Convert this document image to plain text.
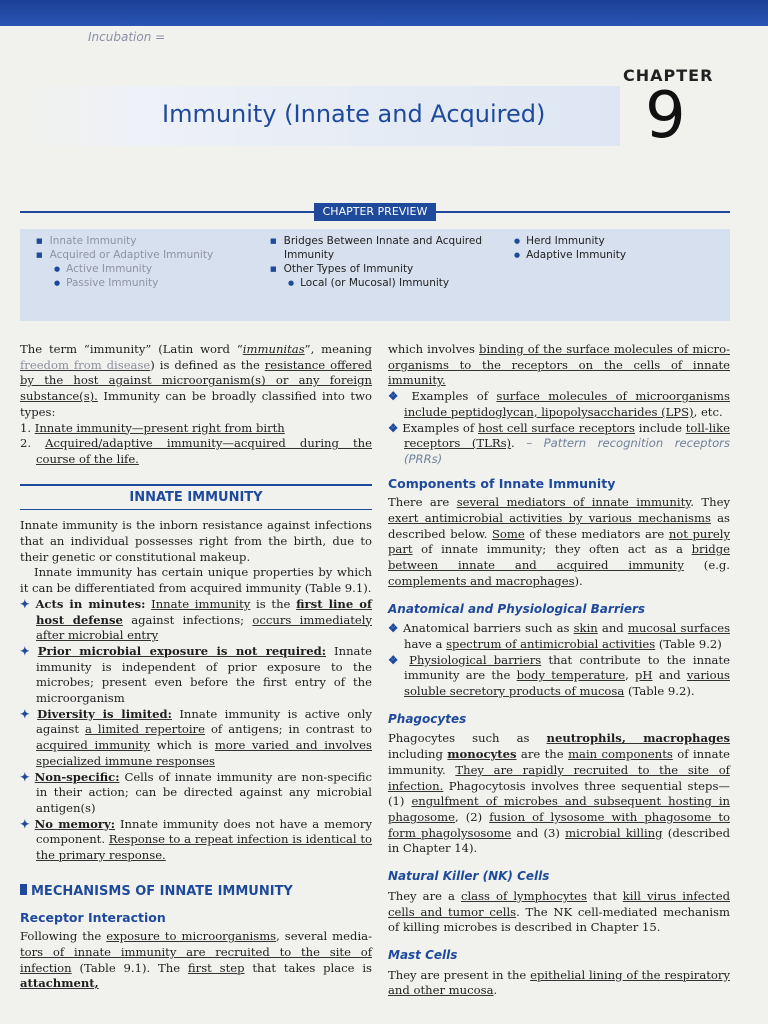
Incubation =
CHAPTER
9
Immunity (Innate and Acquired)
CHAPTER PREVIEW
■ Innate Immunity
■ Acquired or Adaptive Immunity
● Active Immunity
● Passive Immunity
■ Bridges Between Innate and Acquired
Immunity
■ Other Types of Immunity
● Local (or Mucosal) Immunity
● Herd Immunity
● Adaptive Immunity

The term “immunity” (Latin word “immunitas”, meaning freedom from disease) is defined as the resistance offered by the host against microorganism(s) or any foreign substance(s). Immunity can be broadly classified into two types:

1. Innate immunity—present right from birth

2. Acquired/adaptive immunity—acquired during the course of the life.

INNATE IMMUNITY

Innate immunity is the inborn resistance against infections that an individual possesses right from the birth, due to their genetic or constitutional makeup.

Innate immunity has certain unique properties by which it can be differentiated from acquired immunity (Table 9.1).

✦ Acts in minutes: Innate immunity is the first line of host defense against infections; occurs immediately after microbial entry

✦ Prior microbial exposure is not required: Innate immunity is independent of prior exposure to the microbes; present even before the first entry of the microorganism

✦ Diversity is limited: Innate immunity is active only against a limited repertoire of antigens; in contrast to acquired immunity which is more varied and involves specialized immune responses

✦ Non-specific: Cells of innate immunity are non-specific in their action; can be directed against any microbial antigen(s)

✦ No memory: Innate immunity does not have a memory component. Response to a repeat infection is identical to the primary response.

MECHANISMS OF INNATE IMMUNITY
Receptor Interaction

Following the exposure to microorganisms, several media-tors of innate immunity are recruited to the site of infection (Table 9.1). The first step that takes place is attachment,

which involves binding of the surface molecules of micro-organisms to the receptors on the cells of innate immunity.

❖ Examples of surface molecules of microorganisms include peptidoglycan, lipopolysaccharides (LPS), etc.

❖ Examples of host cell surface receptors include toll-like receptors (TLRs). – Pattern recognition receptors (PRRs)

Components of Innate Immunity

There are several mediators of innate immunity. They exert antimicrobial activities by various mechanisms as described below. Some of these mediators are not purely part of innate immunity; they often act as a bridge between innate and acquired immunity (e.g. complements and macrophages).

Anatomical and Physiological Barriers

❖ Anatomical barriers such as skin and mucosal surfaces have a spectrum of antimicrobial activities (Table 9.2)

❖ Physiological barriers that contribute to the innate immunity are the body temperature, pH and various soluble secretory products of mucosa (Table 9.2).

Phagocytes

Phagocytes such as neutrophils, macrophages including monocytes are the main components of innate immunity. They are rapidly recruited to the site of infection. Phagocytosis involves three sequential steps—(1) engulfment of microbes and subsequent hosting in phagosome, (2) fusion of lysosome with phagosome to form phagolysosome and (3) microbial killing (described in Chapter 14).

Natural Killer (NK) Cells

They are a class of lymphocytes that kill virus infected cells and tumor cells. The NK cell-mediated mechanism of killing microbes is described in Chapter 15.

Mast Cells

They are present in the epithelial lining of the respiratory and other mucosa.
